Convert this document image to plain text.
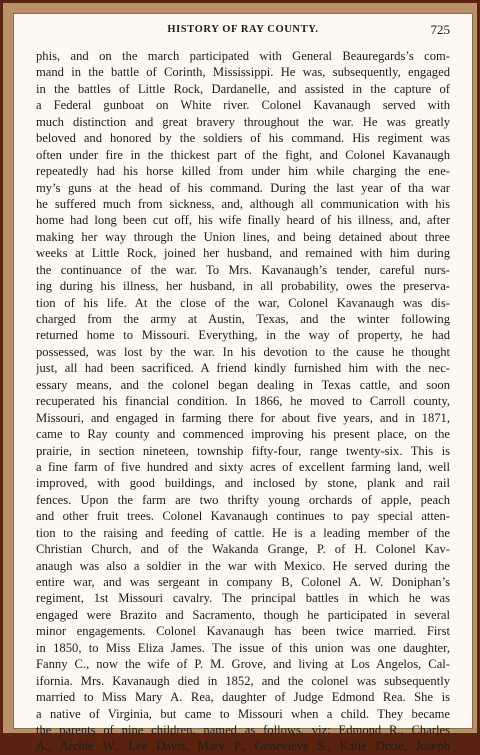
HISTORY OF RAY COUNTY.	725
phis, and on the march participated with General Beauregards’s com-
mand in the battle of Corinth, Mississippi. He was, subsequently, engaged
in the battles of Little Rock, Dardanelle, and assisted in the capture of
a Federal gunboat on White river. Colonel Kavanaugh served with
much distinction and great bravery throughout the war. He was greatly
beloved and honored by the soldiers of his command. His regiment was
often under fire in the thickest part of the fight, and Colonel Kavanaugh
repeatedly had his horse killed from under him while charging the ene-
my’s guns at the head of his command. During the last year of tha war
he suffered much from sickness, and, although all communication with his
home had long been cut off, his wife finally heard of his illness, and, after
making her way through the Union lines, and being detained about three
weeks at Little Rock, joined her husband, and remained with him during
the continuance of the war. To Mrs. Kavanaugh’s tender, careful nurs-
ing during his illness, her husband, in all probability, owes the preserva-
tion of his life. At the close of the war, Colonel Kavanaugh was dis-
charged from the army at Austin, Texas, and the winter following
returned home to Missouri. Everything, in the way of property, he had
possessed, was lost by the war. In his devotion to the cause he thought
just, all had been sacrificed. A friend kindly furnished him with the nec-
essary means, and the colonel began dealing in Texas cattle, and soon
recuperated his financial condition. In 1866, he moved to Carroll county,
Missouri, and engaged in farming there for about five years, and in 1871,
came to Ray county and commenced improving his present place, on the
prairie, in section nineteen, township fifty-four, range twenty-six. This is
a fine farm of five hundred and sixty acres of excellent farming land, well
improved, with good buildings, and inclosed by stone, plank and rail
fences. Upon the farm are two thrifty young orchards of apple, peach
and other fruit trees. Colonel Kavanaugh continues to pay special atten-
tion to the raising and feeding of cattle. He is a leading member of the
Christian Church, and of the Wakanda Grange, P. of H. Colonel Kav-
anaugh was also a soldier in the war with Mexico. He served during the
entire war, and was sergeant in company B, Colonel A. W. Doniphan’s
regiment, 1st Missouri cavalry. The principal battles in which he was
engaged were Brazito and Sacramento, though he participated in several
minor engagements. Colonel Kavanaugh has been twice married. First
in 1850, to Miss Eliza James. The issue of this union was one daughter,
Fanny C., now the wife of P. M. Grove, and living at Los Angelos, Cal-
ifornia. Mrs. Kavanaugh died in 1852, and the colonel was subsequently
married to Miss Mary A. Rea, daughter of Judge Edmond Rea. She is
a native of Virginia, but came to Missouri when a child. They became
the parents of nine children, named as follows, viz: Edmond R., Charles
A., Archie W., Lee Davis, Mary P., Genevieve S., Katie Dixie, Joseph
